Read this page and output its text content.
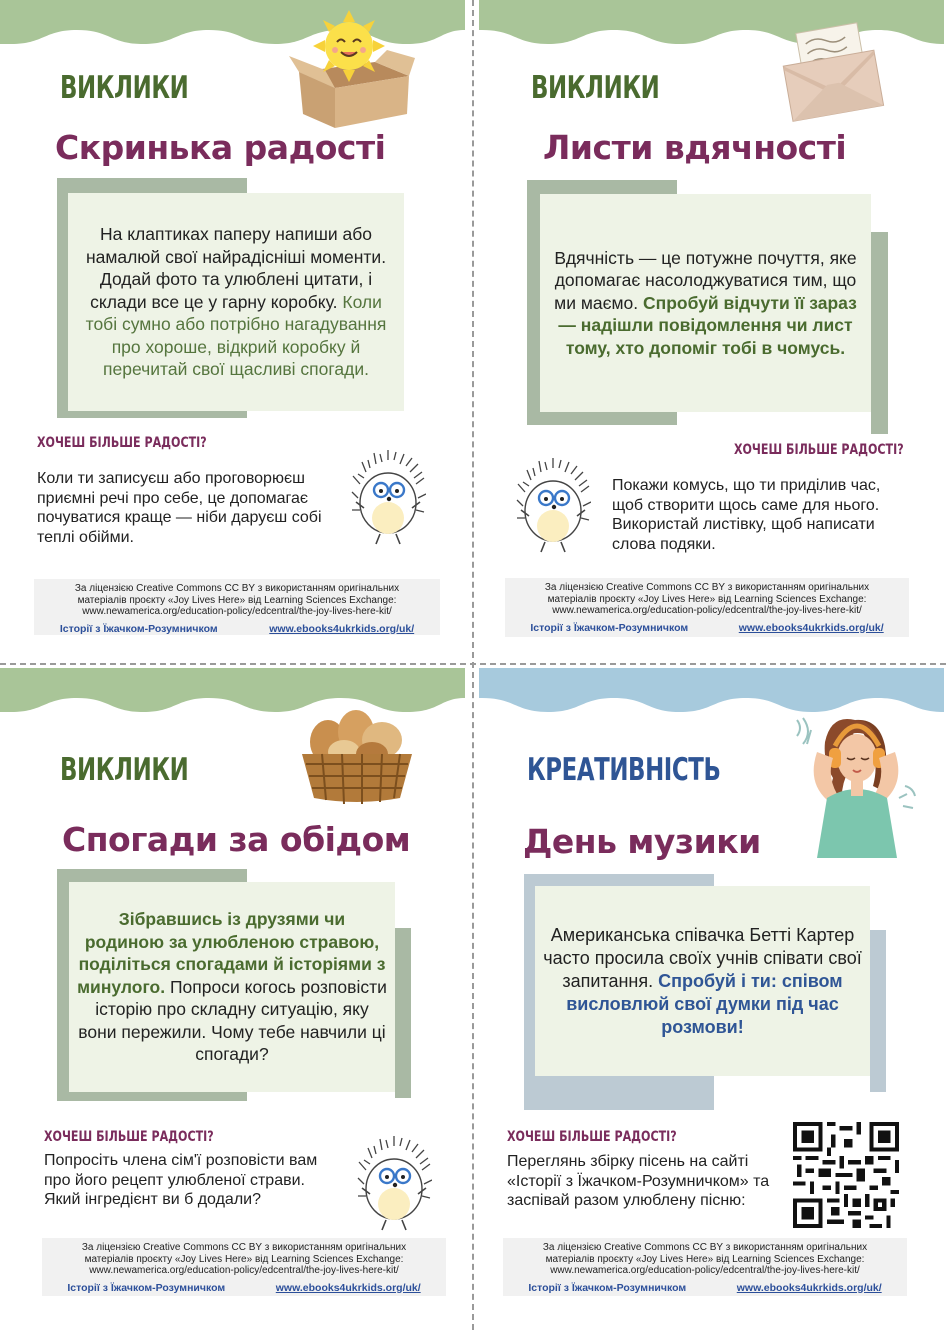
ВИКЛИКИ
Скринька радості

На клаптиках паперу напиши або намалюй свої найрадісніші моменти. Додай фото та улюблені цитати, і склади все це у гарну коробку. Коли тобі сумно або потрібно нагадування про хороше, відкрий коробку й перечитай свої щасливі спогади.

ХОЧЕШ БІЛЬШЕ РАДОСТІ?
Коли ти записуєш або проговорюєш приємні речі про себе, це допомагає почуватися краще — ніби даруєш собі теплі обійми.
За ліцензією Creative Commons CC BY з використанням оригінальних
матеріалів проєкту «Joy Lives Here» від Learning Sciences Exchange:
www.newamerica.org/education-policy/edcentral/the-joy-lives-here-kit/
Історії з Їжачком-Розумничком	www.ebooks4ukrkids.org/uk/
ВИКЛИКИ
Листи вдячності

Вдячність — це потужне почуття, яке допомагає насолоджуватися тим, що ми маємо. Спробуй відчути її зараз — надішли повідомлення чи лист тому, хто допоміг тобі в чомусь.

ХОЧЕШ БІЛЬШЕ РАДОСТІ?
Покажи комусь, що ти приділив час, щоб створити щось саме для нього. Використай листівку, щоб написати слова подяки.
За ліцензією Creative Commons CC BY з використанням оригінальних
матеріалів проєкту «Joy Lives Here» від Learning Sciences Exchange:
www.newamerica.org/education-policy/edcentral/the-joy-lives-here-kit/
Історії з Їжачком-Розумничком	www.ebooks4ukrkids.org/uk/
ВИКЛИКИ
Спогади за обідом

Зібравшись із друзями чи родиною за улюбленою стравою, поділіться спогадами й історіями з минулого. Попроси когось розповісти історію про складну ситуацію, яку вони пережили. Чому тебе навчили ці спогади?

ХОЧЕШ БІЛЬШЕ РАДОСТІ?
Попросіть члена сім'ї розповісти вам про його рецепт улюбленої страви. Який інгредієнт ви б додали?
За ліцензією Creative Commons CC BY з використанням оригінальних
матеріалів проєкту «Joy Lives Here» від Learning Sciences Exchange:
www.newamerica.org/education-policy/edcentral/the-joy-lives-here-kit/
Історії з Їжачком-Розумничком	www.ebooks4ukrkids.org/uk/
КРЕАТИВНІСТЬ
День музики

Американська співачка Бетті Картер часто просила своїх учнів співати свої запитання. Спробуй і ти: співом висловлюй свої думки під час розмови!

ХОЧЕШ БІЛЬШЕ РАДОСТІ?
Переглянь збірку пісень на сайті «Історії з Їжачком-Розумничком» та заспівай разом улюблену пісню:
За ліцензією Creative Commons CC BY з використанням оригінальних
матеріалів проєкту «Joy Lives Here» від Learning Sciences Exchange:
www.newamerica.org/education-policy/edcentral/the-joy-lives-here-kit/
Історії з Їжачком-Розумничком	www.ebooks4ukrkids.org/uk/
